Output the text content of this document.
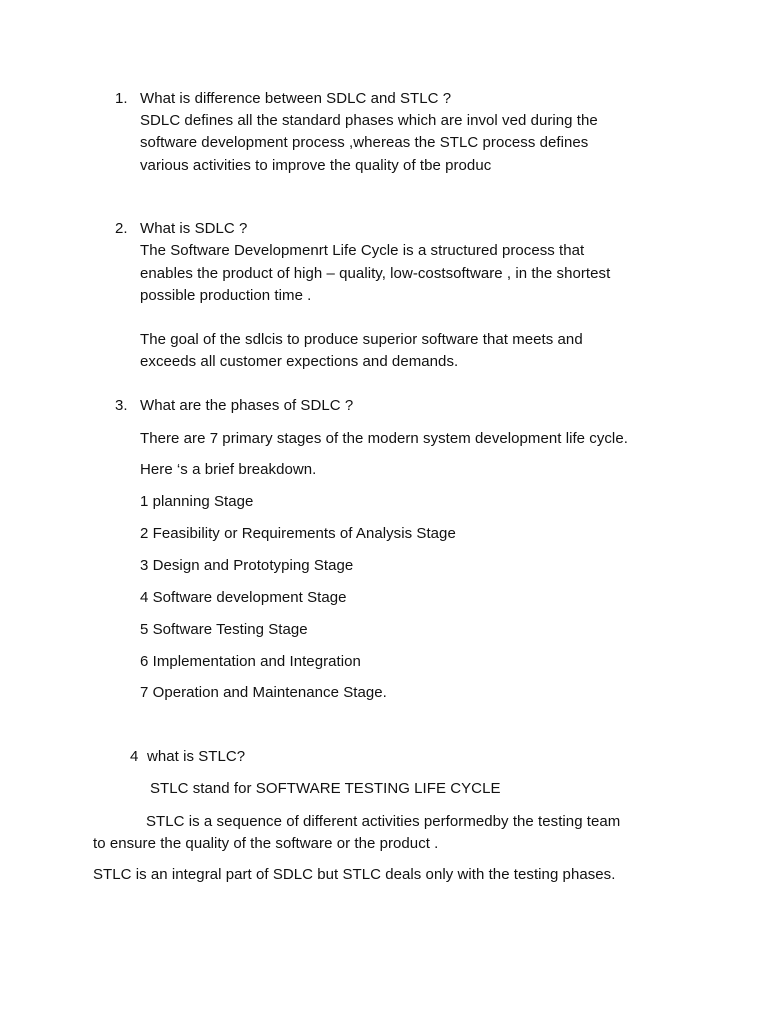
1. What is difference between SDLC and STLC ?
SDLC defines all the standard phases which are invol ved during the
software development process ,whereas the STLC process defines
various activities to improve the quality of tbe produc
2. What is SDLC ?
The Software Developmenrt Life Cycle is a structured process that
enables the product of high – quality, low-costsoftware , in the shortest
possible production time .
The goal of the sdlcis to produce superior software that meets and
exceeds all customer expections and demands.
3. What are the phases of SDLC ?
There are 7 primary stages of the modern system development life cycle.
Here ‘s a brief breakdown.
1 planning Stage
2 Feasibility or Requirements of Analysis Stage
3 Design and Prototyping Stage
4 Software development Stage
5 Software Testing Stage
6 Implementation and Integration
7 Operation and Maintenance Stage.
4 what is STLC?
STLC stand for SOFTWARE TESTING LIFE CYCLE
STLC is a sequence of different activities performedby the testing team
to ensure the quality of the software or the product .
STLC is an integral part of SDLC but STLC deals only with the testing phases.
